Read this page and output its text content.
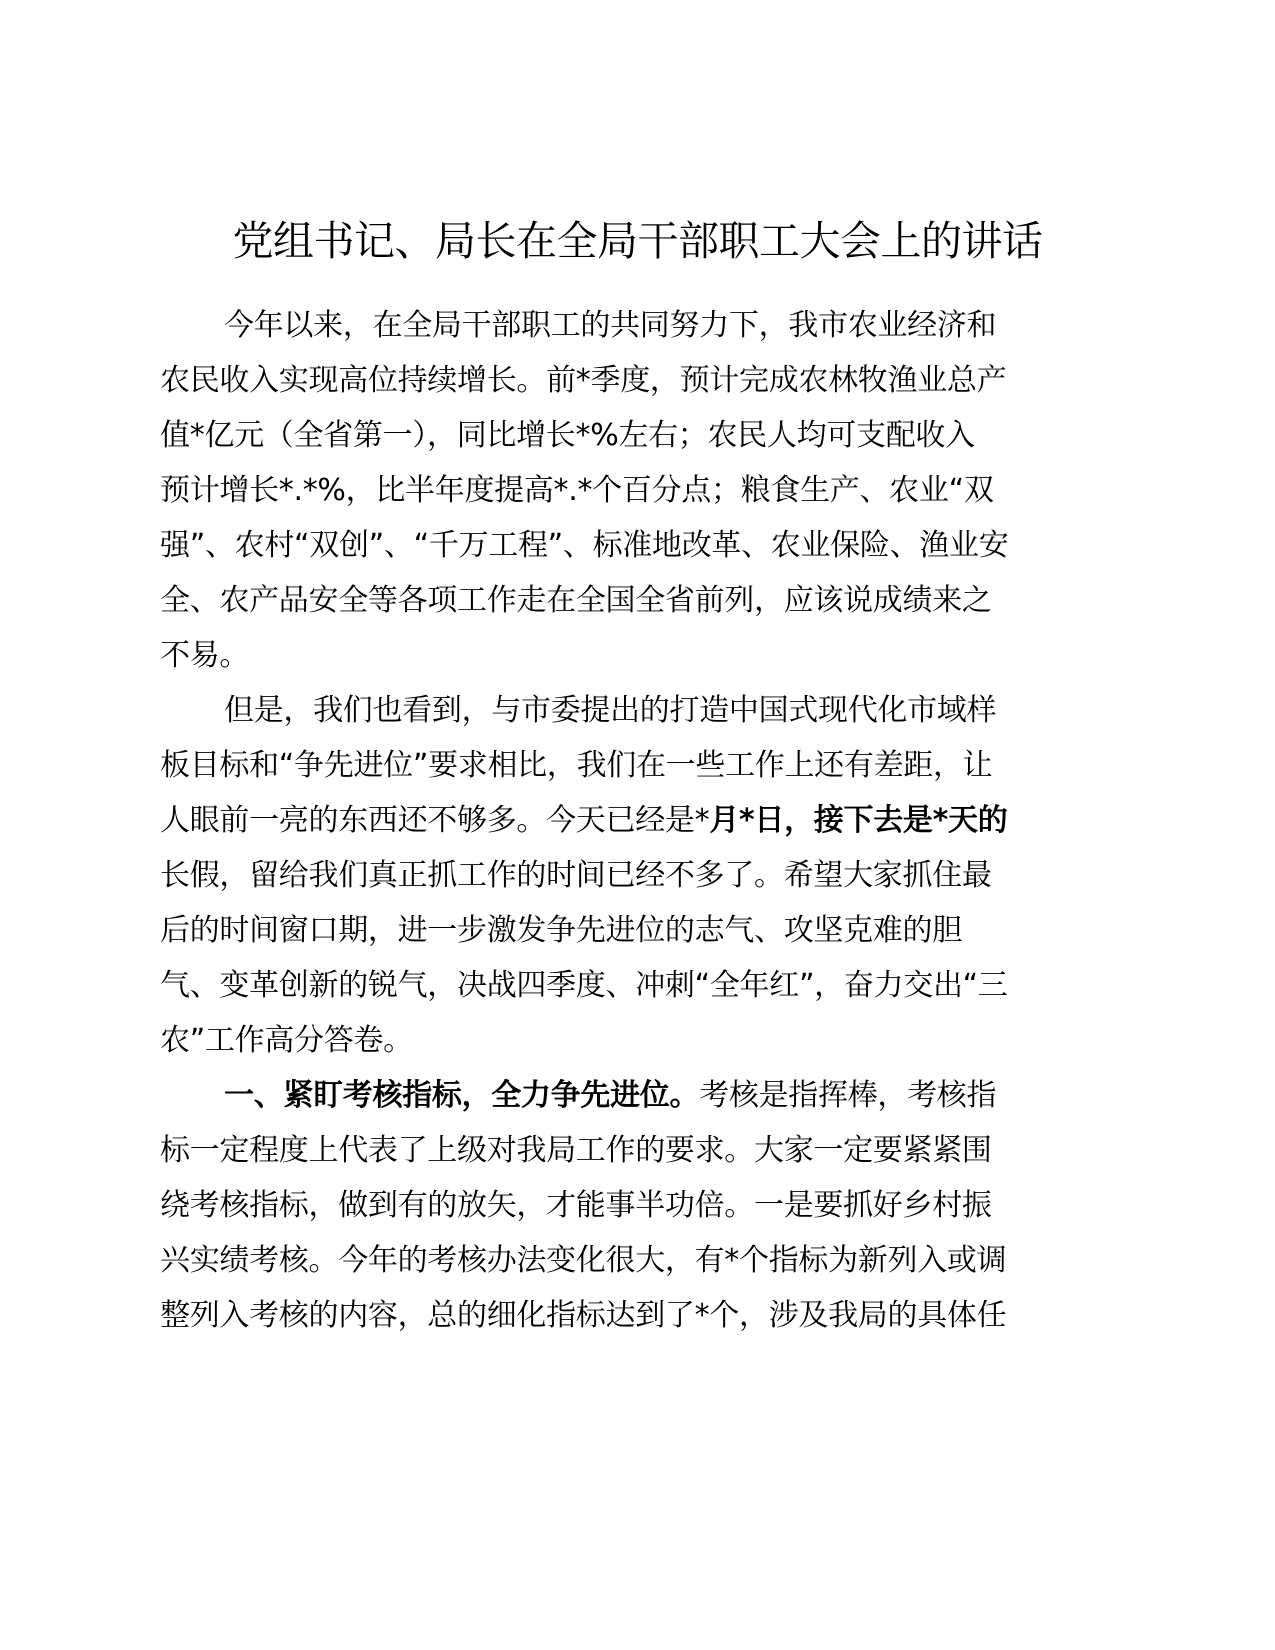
党组书记、局长在全局干部职工大会上的讲话

今年以来，在全局干部职工的共同努力下，我市农业经济和
农民收入实现高位持续增长。前*季度，预计完成农林牧渔业总产
值*亿元（全省第一），同比增长*%左右；农民人均可支配收入
预计增长*.*%，比半年度提高*.*个百分点；粮食生产、农业“双
强”、农村“双创”、“千万工程”、标准地改革、农业保险、渔业安
全、农产品安全等各项工作走在全国全省前列，应该说成绩来之
不易。

但是，我们也看到，与市委提出的打造中国式现代化市域样
板目标和“争先进位”要求相比，我们在一些工作上还有差距，让
人眼前一亮的东西还不够多。今天已经是*月*日，接下去是*天的
长假，留给我们真正抓工作的时间已经不多了。希望大家抓住最
后的时间窗口期，进一步激发争先进位的志气、攻坚克难的胆
气、变革创新的锐气，决战四季度、冲刺“全年红”，奋力交出“三
农”工作高分答卷。

一、紧盯考核指标，全力争先进位。考核是指挥棒，考核指
标一定程度上代表了上级对我局工作的要求。大家一定要紧紧围
绕考核指标，做到有的放矢，才能事半功倍。一是要抓好乡村振
兴实绩考核。今年的考核办法变化很大，有*个指标为新列入或调
整列入考核的内容，总的细化指标达到了*个，涉及我局的具体任
